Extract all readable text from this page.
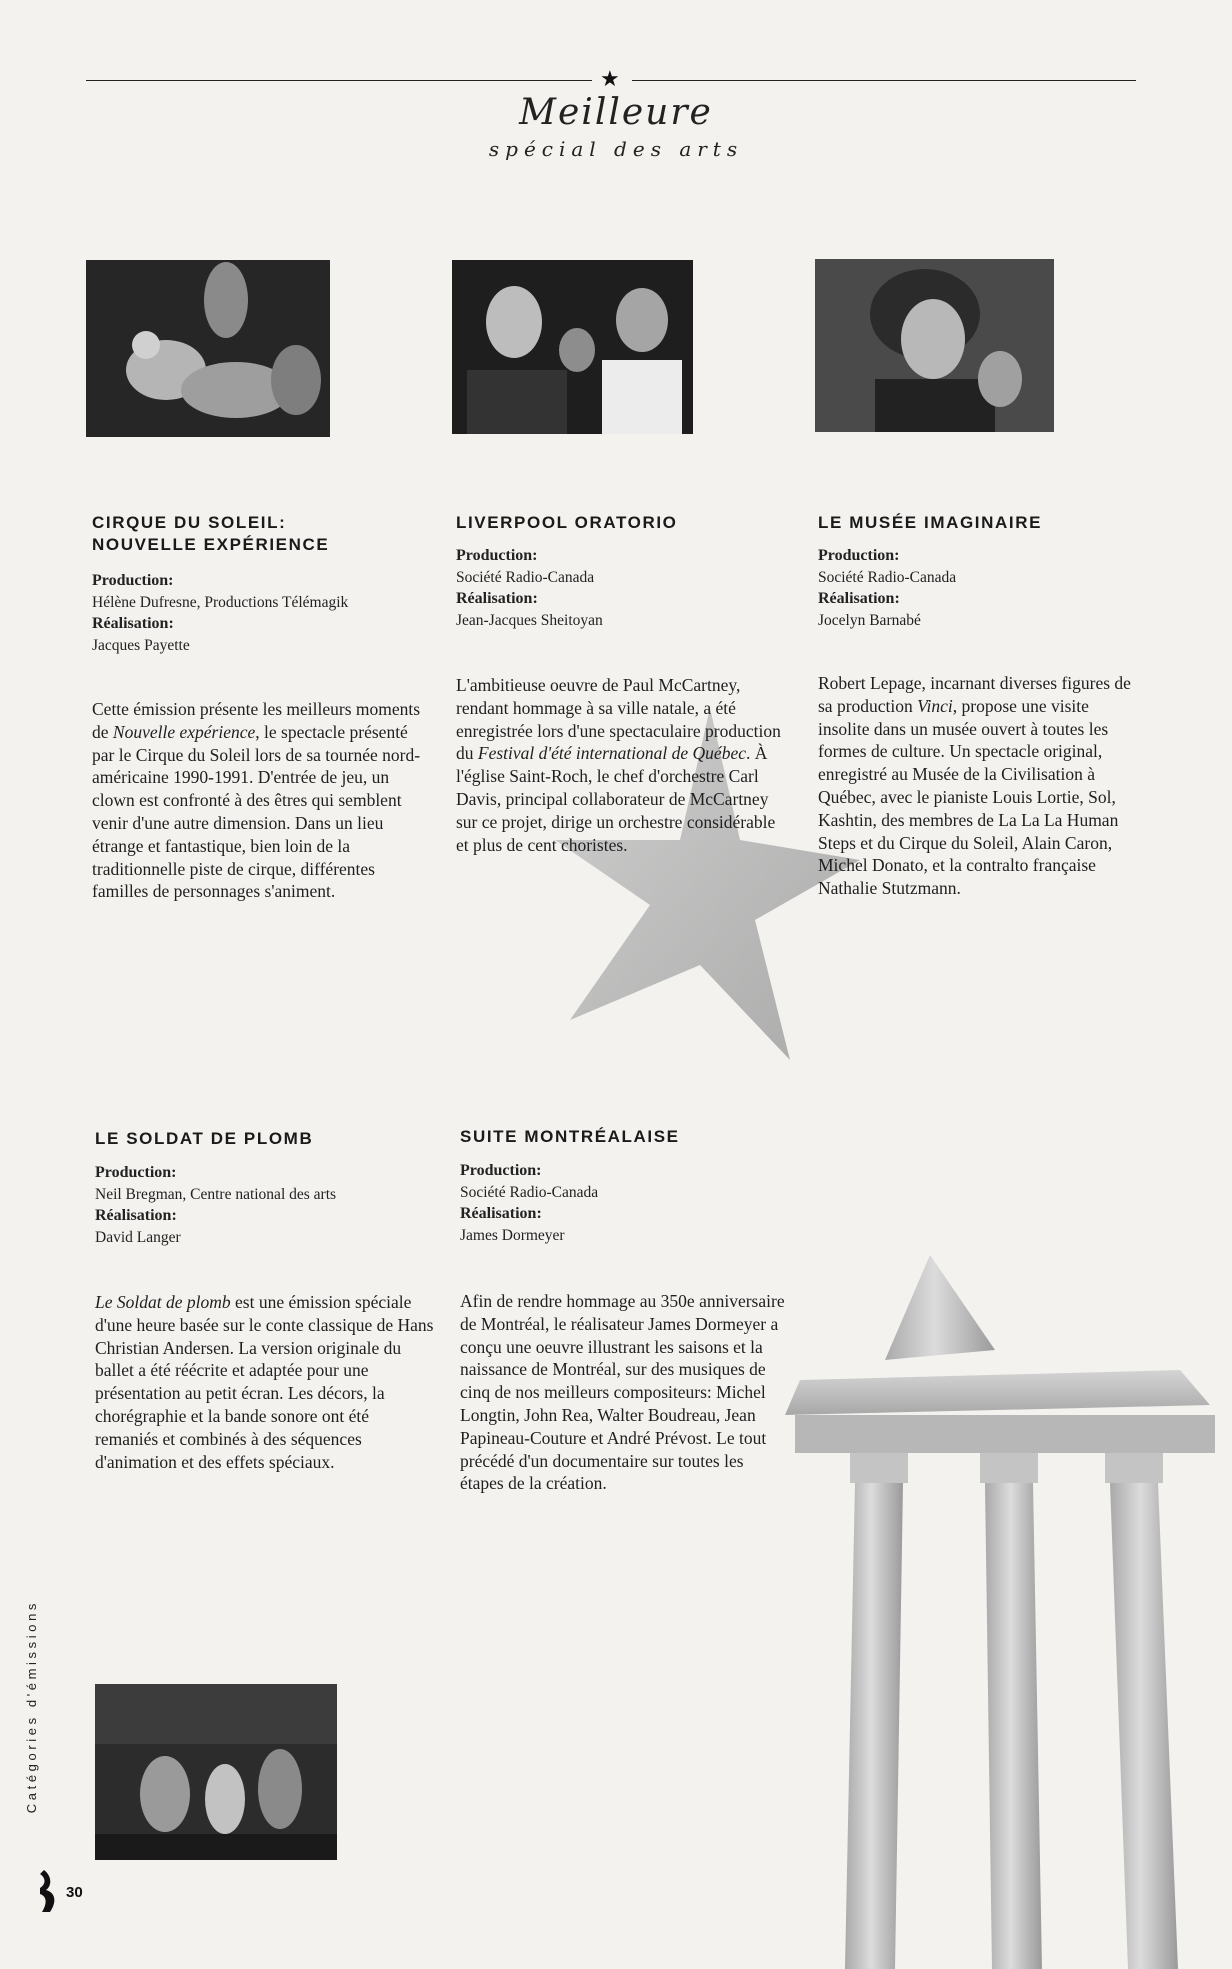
★
Meilleure
spécial des arts
CIRQUE DU SOLEIL: NOUVELLE EXPÉRIENCE
Production:
Hélène Dufresne, Productions Télémagik
Réalisation:
Jacques Payette
Cette émission présente les meilleurs moments de Nouvelle expérience, le spectacle présenté par le Cirque du Soleil lors de sa tournée nord-américaine 1990-1991. D'entrée de jeu, un clown est confronté à des êtres qui semblent venir d'une autre dimension. Dans un lieu étrange et fantastique, bien loin de la traditionnelle piste de cirque, différentes familles de personnages s'animent.
LIVERPOOL ORATORIO
Production:
Société Radio-Canada
Réalisation:
Jean-Jacques Sheitoyan
L'ambitieuse oeuvre de Paul McCartney, rendant hommage à sa ville natale, a été enregistrée lors d'une spectaculaire production du Festival d'été international de Québec. À l'église Saint-Roch, le chef d'orchestre Carl Davis, principal collaborateur de McCartney sur ce projet, dirige un orchestre considérable et plus de cent choristes.
LE MUSÉE IMAGINAIRE
Production:
Société Radio-Canada
Réalisation:
Jocelyn Barnabé
Robert Lepage, incarnant diverses figures de sa production Vinci, propose une visite insolite dans un musée ouvert à toutes les formes de culture. Un spectacle original, enregistré au Musée de la Civilisation à Québec, avec le pianiste Louis Lortie, Sol, Kashtin, des membres de La La La Human Steps et du Cirque du Soleil, Alain Caron, Michel Donato, et la contralto française Nathalie Stutzmann.
LE SOLDAT DE PLOMB
Production:
Neil Bregman, Centre national des arts
Réalisation:
David Langer
Le Soldat de plomb est une émission spéciale d'une heure basée sur le conte classique de Hans Christian Andersen. La version originale du ballet a été réécrite et adaptée pour une présentation au petit écran. Les décors, la chorégraphie et la bande sonore ont été remaniés et combinés à des séquences d'animation et des effets spéciaux.
SUITE MONTRÉALAISE
Production:
Société Radio-Canada
Réalisation:
James Dormeyer
Afin de rendre hommage au 350e anniversaire de Montréal, le réalisateur James Dormeyer a conçu une oeuvre illustrant les saisons et la naissance de Montréal, sur des musiques de cinq de nos meilleurs compositeurs: Michel Longtin, John Rea, Walter Boudreau, Jean Papineau-Couture et André Prévost. Le tout précédé d'un documentaire sur toutes les étapes de la création.
Catégories d'émissions
30
